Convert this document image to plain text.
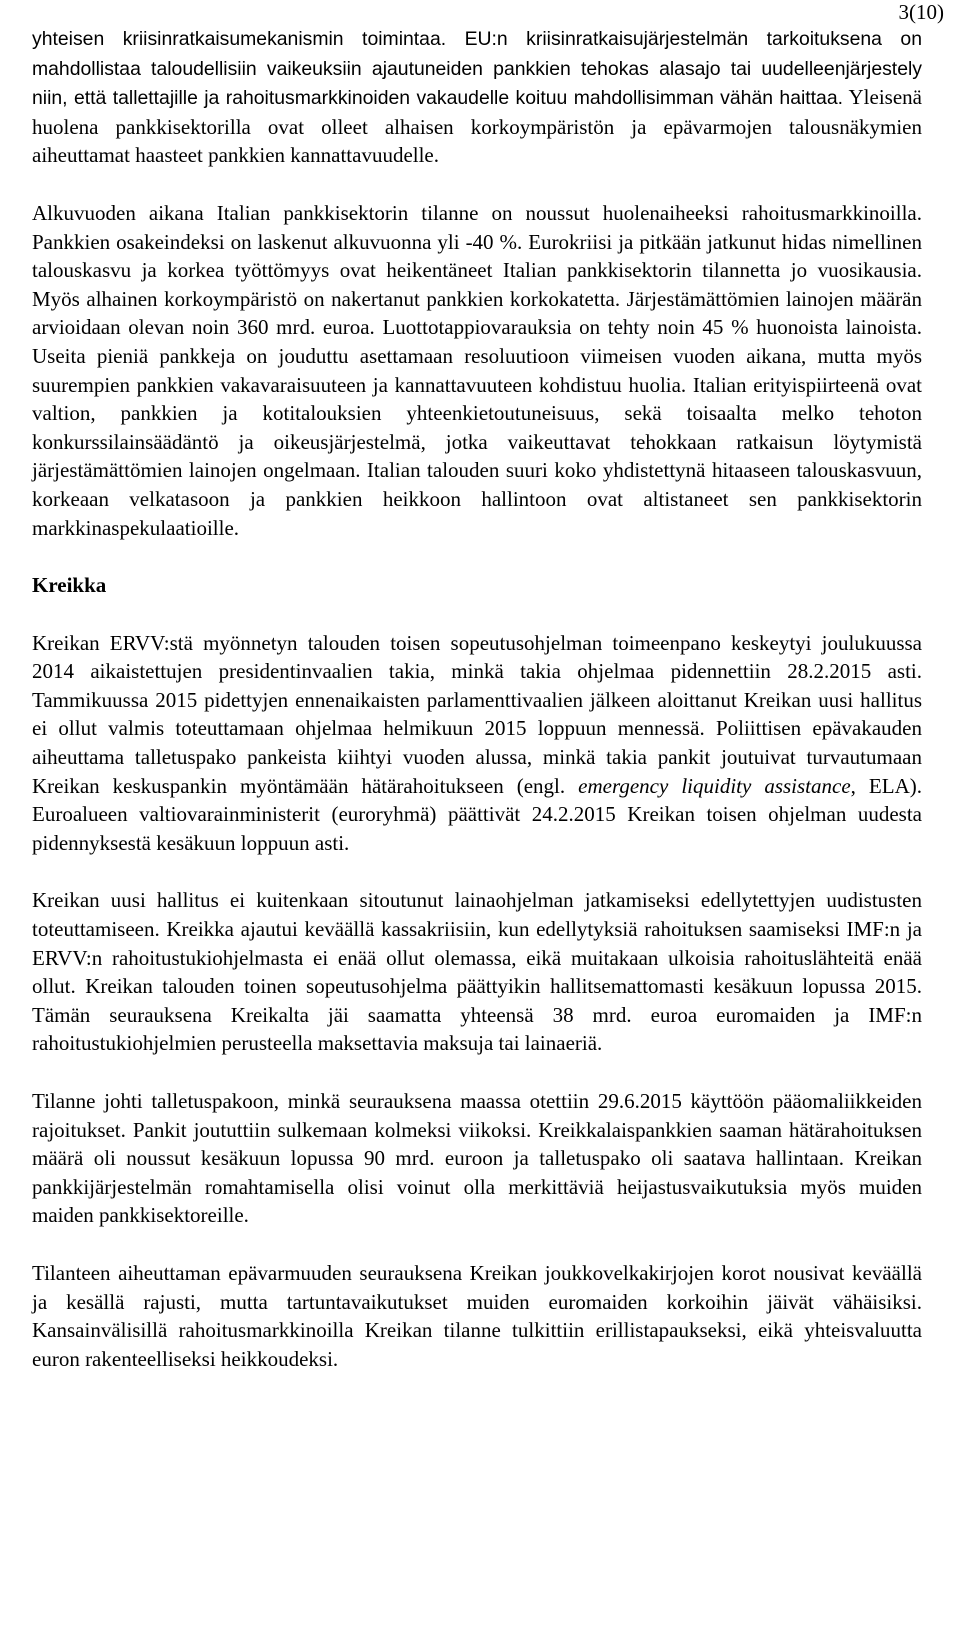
3(10)

yhteisen kriisinratkaisumekanismin toimintaa. EU:n kriisinratkaisujärjestelmän tarkoituksena on mahdollistaa taloudellisiin vaikeuksiin ajautuneiden pankkien tehokas alasajo tai uudelleenjärjestely niin, että tallettajille ja rahoitusmarkkinoiden vakaudelle koituu mahdollisimman vähän haittaa. Yleisenä huolena pankkisektorilla ovat olleet alhaisen korkoympäristön ja epävarmojen talousnäkymien aiheuttamat haasteet pankkien kannattavuudelle.

Alkuvuoden aikana Italian pankkisektorin tilanne on noussut huolenaiheeksi rahoitusmarkkinoilla. Pankkien osakeindeksi on laskenut alkuvuonna yli -40 %. Eurokriisi ja pitkään jatkunut hidas nimellinen talouskasvu ja korkea työttömyys ovat heikentäneet Italian pankkisektorin tilannetta jo vuosikausia. Myös alhainen korkoympäristö on nakertanut pankkien korkokatetta. Järjestämättömien lainojen määrän arvioidaan olevan noin 360 mrd. euroa. Luottotappiovarauksia on tehty noin 45 % huonoista lainoista. Useita pieniä pankkeja on jouduttu asettamaan resoluutioon viimeisen vuoden aikana, mutta myös suurempien pankkien vakavaraisuuteen ja kannattavuuteen kohdistuu huolia. Italian erityispiirteenä ovat valtion, pankkien ja kotitalouksien yhteenkietoutuneisuus, sekä toisaalta melko tehoton konkurssilainsäädäntö ja oikeusjärjestelmä, jotka vaikeuttavat tehokkaan ratkaisun löytymistä järjestämättömien lainojen ongelmaan. Italian talouden suuri koko yhdistettynä hitaaseen talouskasvuun, korkeaan velkatasoon ja pankkien heikkoon hallintoon ovat altistaneet sen pankkisektorin markkinaspekulaatioille.

Kreikka

Kreikan ERVV:stä myönnetyn talouden toisen sopeutusohjelman toimeenpano keskeytyi joulukuussa 2014 aikaistettujen presidentinvaalien takia, minkä takia ohjelmaa pidennettiin 28.2.2015 asti. Tammikuussa 2015 pidettyjen ennenaikaisten parlamenttivaalien jälkeen aloittanut Kreikan uusi hallitus ei ollut valmis toteuttamaan ohjelmaa helmikuun 2015 loppuun mennessä. Poliittisen epävakauden aiheuttama talletuspako pankeista kiihtyi vuoden alussa, minkä takia pankit joutuivat turvautumaan Kreikan keskuspankin myöntämään hätärahoitukseen (engl. emergency liquidity assistance, ELA). Euroalueen valtiovarainministerit (euroryhmä) päättivät 24.2.2015 Kreikan toisen ohjelman uudesta pidennyksestä kesäkuun loppuun asti.

Kreikan uusi hallitus ei kuitenkaan sitoutunut lainaohjelman jatkamiseksi edellytettyjen uudistusten toteuttamiseen. Kreikka ajautui keväällä kassakriisiin, kun edellytyksiä rahoituksen saamiseksi IMF:n ja ERVV:n rahoitustukiohjelmasta ei enää ollut olemassa, eikä muitakaan ulkoisia rahoituslähteitä enää ollut. Kreikan talouden toinen sopeutusohjelma päättyikin hallitsemattomasti kesäkuun lopussa 2015. Tämän seurauksena Kreikalta jäi saamatta yhteensä 38 mrd. euroa euromaiden ja IMF:n rahoitustukiohjelmien perusteella maksettavia maksuja tai lainaeriä.

Tilanne johti talletuspakoon, minkä seurauksena maassa otettiin 29.6.2015 käyttöön pääomaliikkeiden rajoitukset. Pankit joututtiin sulkemaan kolmeksi viikoksi. Kreikkalaispankkien saaman hätärahoituksen määrä oli noussut kesäkuun lopussa 90 mrd. euroon ja talletuspako oli saatava hallintaan. Kreikan pankkijärjestelmän romahtamisella olisi voinut olla merkittäviä heijastusvaikutuksia myös muiden maiden pankkisektoreille.

Tilanteen aiheuttaman epävarmuuden seurauksena Kreikan joukkovelkakirjojen korot nousivat keväällä ja kesällä rajusti, mutta tartuntavaikutukset muiden euromaiden korkoihin jäivät vähäisiksi. Kansainvälisillä rahoitusmarkkinoilla Kreikan tilanne tulkittiin erillistapaukseksi, eikä yhteisvaluutta euron rakenteelliseksi heikkoudeksi.
